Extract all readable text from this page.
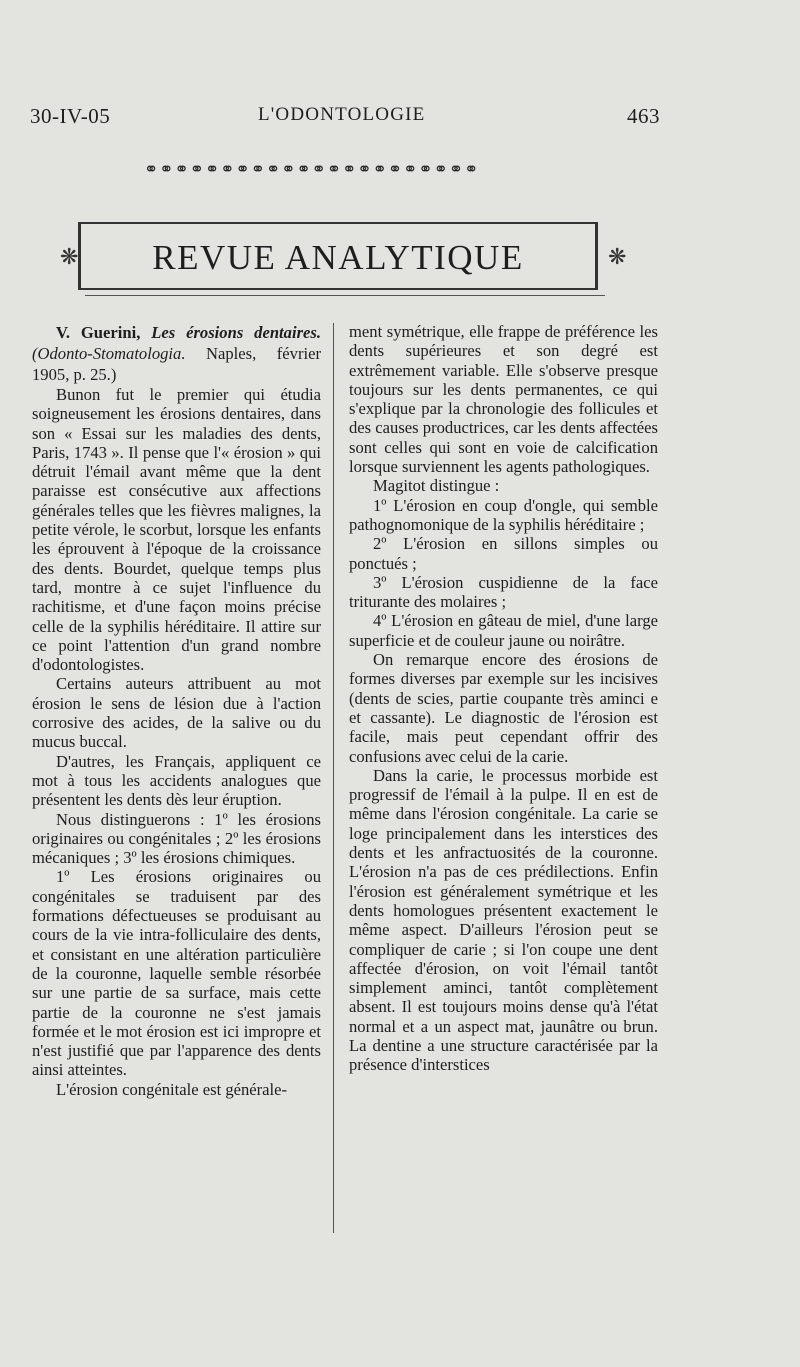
30-IV-05	L'ODONTOLOGIE	463
⚭⚭⚭⚭⚭⚭⚭⚭⚭⚭⚭⚭⚭⚭⚭⚭⚭⚭⚭⚭⚭⚭
❋	REVUE ANALYTIQUE	❋

V. Guerini, Les érosions dentaires. (Odonto-Stomatologia. Naples, février 1905, p. 25.)

Bunon fut le premier qui étudia soigneusement les érosions dentaires, dans son « Essai sur les maladies des dents, Paris, 1743 ». Il pense que l'« érosion » qui détruit l'émail avant même que la dent paraisse est consécutive aux affections générales telles que les fièvres malignes, la petite vérole, le scorbut, lorsque les enfants les éprouvent à l'époque de la croissance des dents. Bourdet, quelque temps plus tard, montre à ce sujet l'influence du rachitisme, et d'une façon moins précise celle de la syphilis héréditaire. Il attire sur ce point l'attention d'un grand nombre d'odontologistes.

Certains auteurs attribuent au mot érosion le sens de lésion due à l'action corrosive des acides, de la salive ou du mucus buccal.

D'autres, les Français, appliquent ce mot à tous les accidents analogues que présentent les dents dès leur éruption.

Nous distinguerons : 1º les érosions originaires ou congénitales ; 2º les érosions mécaniques ; 3º les érosions chimiques.

1º Les érosions originaires ou congénitales se traduisent par des formations défectueuses se produisant au cours de la vie intra-folliculaire des dents, et consistant en une altération particulière de la couronne, laquelle semble résorbée sur une partie de sa surface, mais cette partie de la couronne ne s'est jamais formée et le mot érosion est ici impropre et n'est justifié que par l'apparence des dents ainsi atteintes.

L'érosion congénitale est générale-

ment symétrique, elle frappe de préférence les dents supérieures et son degré est extrêmement variable. Elle s'observe presque toujours sur les dents permanentes, ce qui s'explique par la chronologie des follicules et des causes productrices, car les dents affectées sont celles qui sont en voie de calcification lorsque surviennent les agents pathologiques.

Magitot distingue :

1º L'érosion en coup d'ongle, qui semble pathognomonique de la syphilis héréditaire ;

2º L'érosion en sillons simples ou ponctués ;

3º L'érosion cuspidienne de la face triturante des molaires ;

4º L'érosion en gâteau de miel, d'une large superficie et de couleur jaune ou noirâtre.

On remarque encore des érosions de formes diverses par exemple sur les incisives (dents de scies, partie coupante très aminci e et cassante). Le diagnostic de l'érosion est facile, mais peut cependant offrir des confusions avec celui de la carie.

Dans la carie, le processus morbide est progressif de l'émail à la pulpe. Il en est de même dans l'érosion congénitale. La carie se loge principalement dans les interstices des dents et les anfractuosités de la couronne. L'érosion n'a pas de ces prédilections. Enfin l'érosion est généralement symétrique et les dents homologues présentent exactement le même aspect. D'ailleurs l'érosion peut se compliquer de carie ; si l'on coupe une dent affectée d'érosion, on voit l'émail tantôt simplement aminci, tantôt complètement absent. Il est toujours moins dense qu'à l'état normal et a un aspect mat, jaunâtre ou brun. La dentine a une structure caractérisée par la présence d'interstices
